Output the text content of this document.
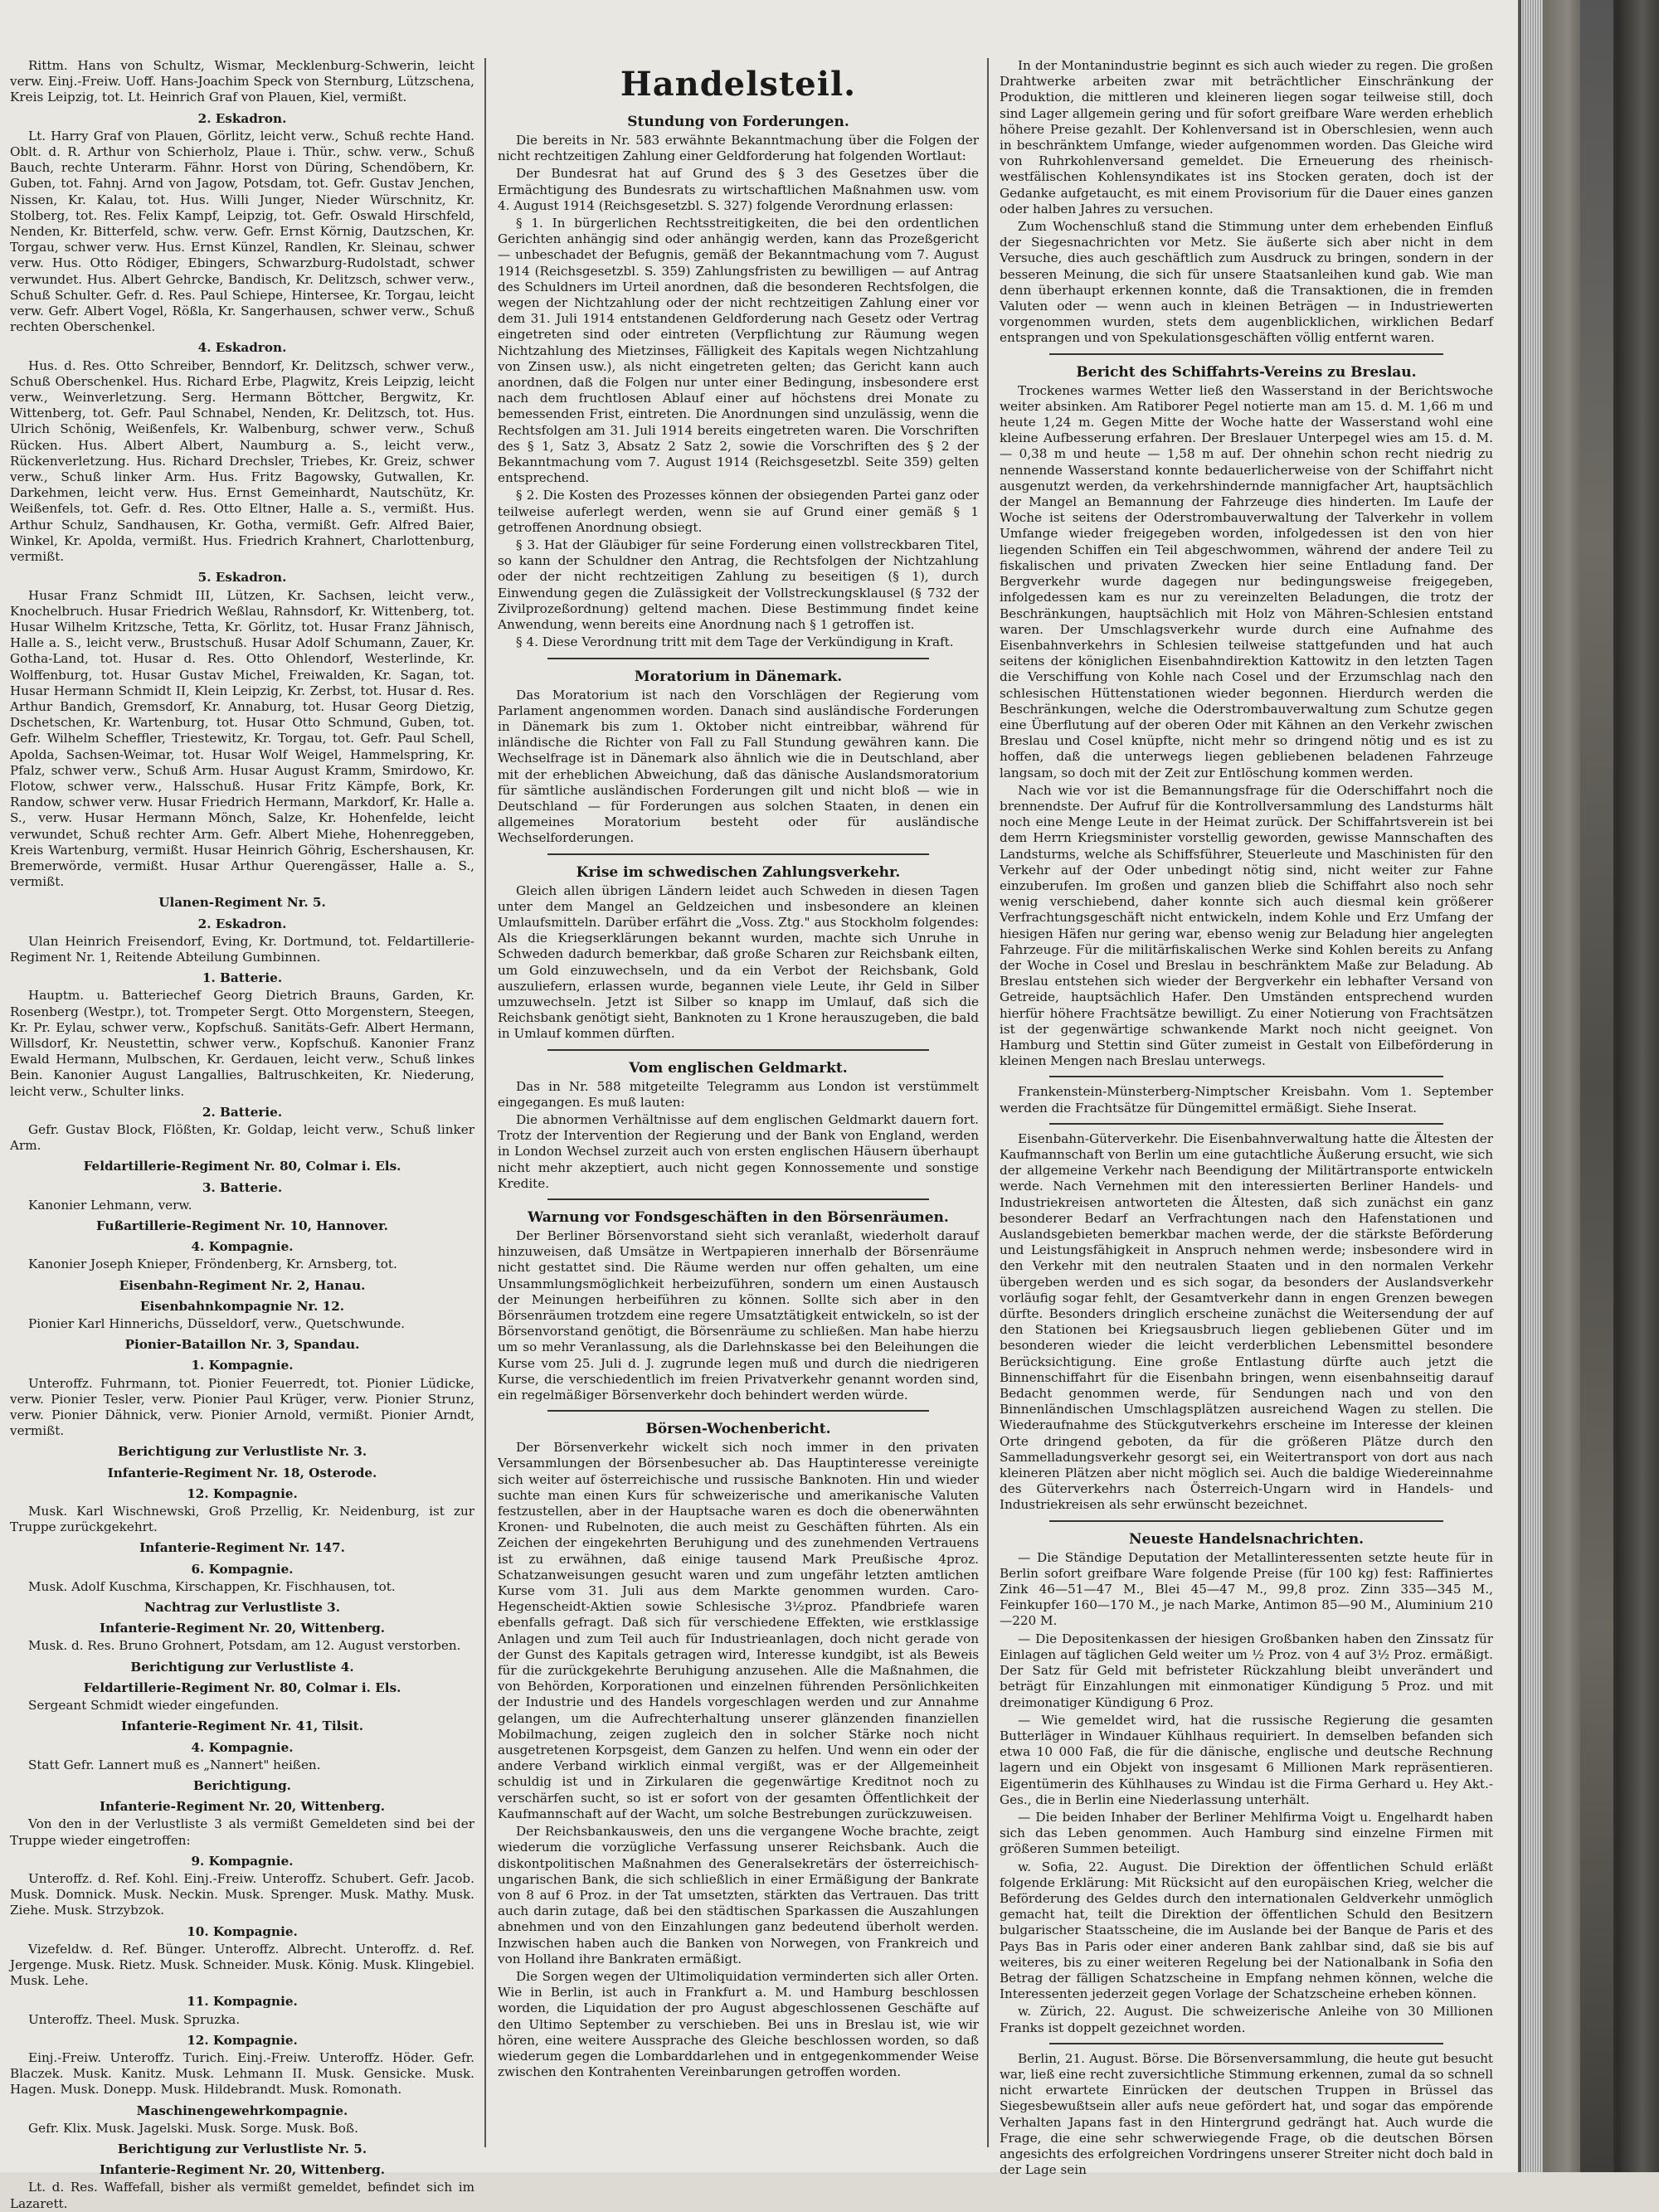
Rittm. Hans von Schultz, Wismar, Mecklenburg-Schwerin, leicht verw. Einj.-Freiw. Uoff. Hans-Joachim Speck von Sternburg, Lützschena, Kreis Leipzig, tot. Lt. Heinrich Graf von Plauen, Kiel, vermißt.

2. Eskadron.

Lt. Harry Graf von Plauen, Görlitz, leicht verw., Schuß rechte Hand. Oblt. d. R. Arthur von Schierholz, Plaue i. Thür., schw. verw., Schuß Bauch, rechte Unterarm. Fähnr. Horst von Düring, Schendöbern, Kr. Guben, tot. Fahnj. Arnd von Jagow, Potsdam, tot. Gefr. Gustav Jenchen, Nissen, Kr. Kalau, tot. Hus. Willi Junger, Nieder Würschnitz, Kr. Stolberg, tot. Res. Felix Kampf, Leipzig, tot. Gefr. Oswald Hirschfeld, Nenden, Kr. Bitterfeld, schw. verw. Gefr. Ernst Körnig, Dautzschen, Kr. Torgau, schwer verw. Hus. Ernst Künzel, Randlen, Kr. Sleinau, schwer verw. Hus. Otto Rödiger, Ebingers, Schwarzburg-Rudolstadt, schwer verwundet. Hus. Albert Gehrcke, Bandisch, Kr. Delitzsch, schwer verw., Schuß Schulter. Gefr. d. Res. Paul Schiepe, Hintersee, Kr. Torgau, leicht verw. Gefr. Albert Vogel, Rößla, Kr. Sangerhausen, schwer verw., Schuß rechten Oberschenkel.

4. Eskadron.

Hus. d. Res. Otto Schreiber, Benndorf, Kr. Delitzsch, schwer verw., Schuß Oberschenkel. Hus. Richard Erbe, Plagwitz, Kreis Leipzig, leicht verw., Weinverletzung. Serg. Hermann Böttcher, Bergwitz, Kr. Wittenberg, tot. Gefr. Paul Schnabel, Nenden, Kr. Delitzsch, tot. Hus. Ulrich Schönig, Weißenfels, Kr. Walbenburg, schwer verw., Schuß Rücken. Hus. Albert Albert, Naumburg a. S., leicht verw., Rückenverletzung. Hus. Richard Drechsler, Triebes, Kr. Greiz, schwer verw., Schuß linker Arm. Hus. Fritz Bagowsky, Gutwallen, Kr. Darkehmen, leicht verw. Hus. Ernst Gemeinhardt, Nautschütz, Kr. Weißenfels, tot. Gefr. d. Res. Otto Eltner, Halle a. S., vermißt. Hus. Arthur Schulz, Sandhausen, Kr. Gotha, vermißt. Gefr. Alfred Baier, Winkel, Kr. Apolda, vermißt. Hus. Friedrich Krahnert, Charlottenburg, vermißt.

5. Eskadron.

Husar Franz Schmidt III, Lützen, Kr. Sachsen, leicht verw., Knochelbruch. Husar Friedrich Weßlau, Rahnsdorf, Kr. Wittenberg, tot. Husar Wilhelm Kritzsche, Tetta, Kr. Görlitz, tot. Husar Franz Jähnisch, Halle a. S., leicht verw., Brustschuß. Husar Adolf Schumann, Zauer, Kr. Gotha-Land, tot. Husar d. Res. Otto Ohlendorf, Westerlinde, Kr. Wolffenburg, tot. Husar Gustav Michel, Freiwalden, Kr. Sagan, tot. Husar Hermann Schmidt II, Klein Leipzig, Kr. Zerbst, tot. Husar d. Res. Arthur Bandich, Gremsdorf, Kr. Annaburg, tot. Husar Georg Dietzig, Dschetschen, Kr. Wartenburg, tot. Husar Otto Schmund, Guben, tot. Gefr. Wilhelm Scheffler, Triestewitz, Kr. Torgau, tot. Gefr. Paul Schell, Apolda, Sachsen-Weimar, tot. Husar Wolf Weigel, Hammelspring, Kr. Pfalz, schwer verw., Schuß Arm. Husar August Kramm, Smirdowo, Kr. Flotow, schwer verw., Halsschuß. Husar Fritz Kämpfe, Bork, Kr. Randow, schwer verw. Husar Friedrich Hermann, Markdorf, Kr. Halle a. S., verw. Husar Hermann Mönch, Salze, Kr. Hohenfelde, leicht verwundet, Schuß rechter Arm. Gefr. Albert Miehe, Hohenreggeben, Kreis Wartenburg, vermißt. Husar Heinrich Göhrig, Eschershausen, Kr. Bremerwörde, vermißt. Husar Arthur Querengässer, Halle a. S., vermißt.

Ulanen-Regiment Nr. 5.

2. Eskadron.

Ulan Heinrich Freisendorf, Eving, Kr. Dortmund, tot. Feldartillerie-Regiment Nr. 1, Reitende Abteilung Gumbinnen.

1. Batterie.

Hauptm. u. Batteriechef Georg Dietrich Brauns, Garden, Kr. Rosenberg (Westpr.), tot. Trompeter Sergt. Otto Morgenstern, Steegen, Kr. Pr. Eylau, schwer verw., Kopfschuß. Sanitäts-Gefr. Albert Hermann, Willsdorf, Kr. Neustettin, schwer verw., Kopfschuß. Kanonier Franz Ewald Hermann, Mulbschen, Kr. Gerdauen, leicht verw., Schuß linkes Bein. Kanonier August Langallies, Baltruschkeiten, Kr. Niederung, leicht verw., Schulter links.

2. Batterie.

Gefr. Gustav Block, Flößten, Kr. Goldap, leicht verw., Schuß linker Arm.

Feldartillerie-Regiment Nr. 80, Colmar i. Els.

3. Batterie.

Kanonier Lehmann, verw.

Fußartillerie-Regiment Nr. 10, Hannover.

4. Kompagnie.

Kanonier Joseph Knieper, Fröndenberg, Kr. Arnsberg, tot.

Eisenbahn-Regiment Nr. 2, Hanau.

Eisenbahnkompagnie Nr. 12.

Pionier Karl Hinnerichs, Düsseldorf, verw., Quetschwunde.

Pionier-Bataillon Nr. 3, Spandau.

1. Kompagnie.

Unteroffz. Fuhrmann, tot. Pionier Feuerredt, tot. Pionier Lüdicke, verw. Pionier Tesler, verw. Pionier Paul Krüger, verw. Pionier Strunz, verw. Pionier Dähnick, verw. Pionier Arnold, vermißt. Pionier Arndt, vermißt.

Berichtigung zur Verlustliste Nr. 3.

Infanterie-Regiment Nr. 18, Osterode.

12. Kompagnie.

Musk. Karl Wischnewski, Groß Przellig, Kr. Neidenburg, ist zur Truppe zurückgekehrt.

Infanterie-Regiment Nr. 147.

6. Kompagnie.

Musk. Adolf Kuschma, Kirschappen, Kr. Fischhausen, tot.

Nachtrag zur Verlustliste 3.

Infanterie-Regiment Nr. 20, Wittenberg.

Musk. d. Res. Bruno Grohnert, Potsdam, am 12. August verstorben.

Berichtigung zur Verlustliste 4.

Feldartillerie-Regiment Nr. 80, Colmar i. Els.

Sergeant Schmidt wieder eingefunden.

Infanterie-Regiment Nr. 41, Tilsit.

4. Kompagnie.

Statt Gefr. Lannert muß es „Nannert" heißen.

Berichtigung.

Infanterie-Regiment Nr. 20, Wittenberg.

Von den in der Verlustliste 3 als vermißt Gemeldeten sind bei der Truppe wieder eingetroffen:

9. Kompagnie.

Unteroffz. d. Ref. Kohl. Einj.-Freiw. Unteroffz. Schubert. Gefr. Jacob. Musk. Domnick. Musk. Neckin. Musk. Sprenger. Musk. Mathy. Musk. Ziehe. Musk. Strzybzok.

10. Kompagnie.

Vizefeldw. d. Ref. Bünger. Unteroffz. Albrecht. Unteroffz. d. Ref. Jergenge. Musk. Rietz. Musk. Schneider. Musk. König. Musk. Klingebiel. Musk. Lehe.

11. Kompagnie.

Unteroffz. Theel. Musk. Spruzka.

12. Kompagnie.

Einj.-Freiw. Unteroffz. Turich. Einj.-Freiw. Unteroffz. Höder. Gefr. Blaczek. Musk. Kanitz. Musk. Lehmann II. Musk. Gensicke. Musk. Hagen. Musk. Donepp. Musk. Hildebrandt. Musk. Romonath.

Maschinengewehrkompagnie.

Gefr. Klix. Musk. Jagelski. Musk. Sorge. Musk. Boß.

Berichtigung zur Verlustliste Nr. 5.

Infanterie-Regiment Nr. 20, Wittenberg.

Lt. d. Res. Waffefall, bisher als vermißt gemeldet, befindet sich im Lazarett.

Handelsteil.
Stundung von Forderungen.

Die bereits in Nr. 583 erwähnte Bekanntmachung über die Folgen der nicht rechtzeitigen Zahlung einer Geldforderung hat folgenden Wortlaut:

Der Bundesrat hat auf Grund des § 3 des Gesetzes über die Ermächtigung des Bundesrats zu wirtschaftlichen Maßnahmen usw. vom 4. August 1914 (Reichsgesetzbl. S. 327) folgende Verordnung erlassen:

§ 1. In bürgerlichen Rechtsstreitigkeiten, die bei den ordentlichen Gerichten anhängig sind oder anhängig werden, kann das Prozeßgericht — unbeschadet der Befugnis, gemäß der Bekanntmachung vom 7. August 1914 (Reichsgesetzbl. S. 359) Zahlungsfristen zu bewilligen — auf Antrag des Schuldners im Urteil anordnen, daß die besonderen Rechtsfolgen, die wegen der Nichtzahlung oder der nicht rechtzeitigen Zahlung einer vor dem 31. Juli 1914 entstandenen Geldforderung nach Gesetz oder Vertrag eingetreten sind oder eintreten (Verpflichtung zur Räumung wegen Nichtzahlung des Mietzinses, Fälligkeit des Kapitals wegen Nichtzahlung von Zinsen usw.), als nicht eingetreten gelten; das Gericht kann auch anordnen, daß die Folgen nur unter einer Bedingung, insbesondere erst nach dem fruchtlosen Ablauf einer auf höchstens drei Monate zu bemessenden Frist, eintreten. Die Anordnungen sind unzulässig, wenn die Rechtsfolgen am 31. Juli 1914 bereits eingetreten waren. Die Vorschriften des § 1, Satz 3, Absatz 2 Satz 2, sowie die Vorschriften des § 2 der Bekanntmachung vom 7. August 1914 (Reichsgesetzbl. Seite 359) gelten entsprechend.

§ 2. Die Kosten des Prozesses können der obsiegenden Partei ganz oder teilweise auferlegt werden, wenn sie auf Grund einer gemäß § 1 getroffenen Anordnung obsiegt.

§ 3. Hat der Gläubiger für seine Forderung einen vollstreckbaren Titel, so kann der Schuldner den Antrag, die Rechtsfolgen der Nichtzahlung oder der nicht rechtzeitigen Zahlung zu beseitigen (§ 1), durch Einwendung gegen die Zulässigkeit der Vollstreckungsklausel (§ 732 der Zivilprozeßordnung) geltend machen. Diese Bestimmung findet keine Anwendung, wenn bereits eine Anordnung nach § 1 getroffen ist.

§ 4. Diese Verordnung tritt mit dem Tage der Verkündigung in Kraft.

Moratorium in Dänemark.

Das Moratorium ist nach den Vorschlägen der Regierung vom Parlament angenommen worden. Danach sind ausländische Forderungen in Dänemark bis zum 1. Oktober nicht eintreibbar, während für inländische die Richter von Fall zu Fall Stundung gewähren kann. Die Wechselfrage ist in Dänemark also ähnlich wie die in Deutschland, aber mit der erheblichen Abweichung, daß das dänische Auslandsmoratorium für sämtliche ausländischen Forderungen gilt und nicht bloß — wie in Deutschland — für Forderungen aus solchen Staaten, in denen ein allgemeines Moratorium besteht oder für ausländische Wechselforderungen.

Krise im schwedischen Zahlungsverkehr.

Gleich allen übrigen Ländern leidet auch Schweden in diesen Tagen unter dem Mangel an Geldzeichen und insbesondere an kleinen Umlaufsmitteln. Darüber erfährt die „Voss. Ztg." aus Stockholm folgendes: Als die Kriegserklärungen bekannt wurden, machte sich Unruhe in Schweden dadurch bemerkbar, daß große Scharen zur Reichsbank eilten, um Gold einzuwechseln, und da ein Verbot der Reichsbank, Gold auszuliefern, erlassen wurde, begannen viele Leute, ihr Geld in Silber umzuwechseln. Jetzt ist Silber so knapp im Umlauf, daß sich die Reichsbank genötigt sieht, Banknoten zu 1 Krone herauszugeben, die bald in Umlauf kommen dürften.

Vom englischen Geldmarkt.

Das in Nr. 588 mitgeteilte Telegramm aus London ist verstümmelt eingegangen. Es muß lauten:

Die abnormen Verhältnisse auf dem englischen Geldmarkt dauern fort. Trotz der Intervention der Regierung und der Bank von England, werden in London Wechsel zurzeit auch von ersten englischen Häusern überhaupt nicht mehr akzeptiert, auch nicht gegen Konnossemente und sonstige Kredite.

Warnung vor Fondsgeschäften in den Börsenräumen.

Der Berliner Börsenvorstand sieht sich veranlaßt, wiederholt darauf hinzuweisen, daß Umsätze in Wertpapieren innerhalb der Börsenräume nicht gestattet sind. Die Räume werden nur offen gehalten, um eine Unsammlungsmöglichkeit herbeizuführen, sondern um einen Austausch der Meinungen herbeiführen zu können. Sollte sich aber in den Börsenräumen trotzdem eine regere Umsatztätigkeit entwickeln, so ist der Börsenvorstand genötigt, die Börsenräume zu schließen. Man habe hierzu um so mehr Veranlassung, als die Darlehnskasse bei den Beleihungen die Kurse vom 25. Juli d. J. zugrunde legen muß und durch die niedrigeren Kurse, die verschiedentlich im freien Privatverkehr genannt worden sind, ein regelmäßiger Börsenverkehr doch behindert werden würde.

Börsen-Wochenbericht.

Der Börsenverkehr wickelt sich noch immer in den privaten Versammlungen der Börsenbesucher ab. Das Hauptinteresse vereinigte sich weiter auf österreichische und russische Banknoten. Hin und wieder suchte man einen Kurs für schweizerische und amerikanische Valuten festzustellen, aber in der Hauptsache waren es doch die obenerwähnten Kronen- und Rubelnoten, die auch meist zu Geschäften führten. Als ein Zeichen der eingekehrten Beruhigung und des zunehmenden Vertrauens ist zu erwähnen, daß einige tausend Mark Preußische 4proz. Schatzanweisungen gesucht waren und zum ungefähr letzten amtlichen Kurse vom 31. Juli aus dem Markte genommen wurden. Caro-Hegenscheidt-Aktien sowie Schlesische 3½proz. Pfandbriefe waren ebenfalls gefragt. Daß sich für verschiedene Effekten, wie erstklassige Anlagen und zum Teil auch für Industrieanlagen, doch nicht gerade von der Gunst des Kapitals getragen wird, Interesse kundgibt, ist als Beweis für die zurückgekehrte Beruhigung anzusehen. Alle die Maßnahmen, die von Behörden, Korporationen und einzelnen führenden Persönlichkeiten der Industrie und des Handels vorgeschlagen werden und zur Annahme gelangen, um die Aufrechterhaltung unserer glänzenden finanziellen Mobilmachung, zeigen zugleich den in solcher Stärke noch nicht ausgetretenen Korpsgeist, dem Ganzen zu helfen. Und wenn ein oder der andere Verband wirklich einmal vergißt, was er der Allgemeinheit schuldig ist und in Zirkularen die gegenwärtige Kreditnot noch zu verschärfen sucht, so ist er sofort von der gesamten Öffentlichkeit der Kaufmannschaft auf der Wacht, um solche Bestrebungen zurückzuweisen.

Der Reichsbankausweis, den uns die vergangene Woche brachte, zeigt wiederum die vorzügliche Verfassung unserer Reichsbank. Auch die diskontpolitischen Maßnahmen des Generalsekretärs der österreichisch-ungarischen Bank, die sich schließlich in einer Ermäßigung der Bankrate von 8 auf 6 Proz. in der Tat umsetzten, stärkten das Vertrauen. Das tritt auch darin zutage, daß bei den städtischen Sparkassen die Auszahlungen abnehmen und von den Einzahlungen ganz bedeutend überholt werden. Inzwischen haben auch die Banken von Norwegen, von Frankreich und von Holland ihre Bankraten ermäßigt.

Die Sorgen wegen der Ultimoliquidation verminderten sich aller Orten. Wie in Berlin, ist auch in Frankfurt a. M. und Hamburg beschlossen worden, die Liquidation der pro August abgeschlossenen Geschäfte auf den Ultimo September zu verschieben. Bei uns in Breslau ist, wie wir hören, eine weitere Aussprache des Gleiche beschlossen worden, so daß wiederum gegen die Lombarddarlehen und in entgegenkommender Weise zwischen den Kontrahenten Vereinbarungen getroffen worden.

In der Montanindustrie beginnt es sich auch wieder zu regen. Die großen Drahtwerke arbeiten zwar mit beträchtlicher Einschränkung der Produktion, die mittleren und kleineren liegen sogar teilweise still, doch sind Lager allgemein gering und für sofort greifbare Ware werden erheblich höhere Preise gezahlt. Der Kohlenversand ist in Oberschlesien, wenn auch in beschränktem Umfange, wieder aufgenommen worden. Das Gleiche wird von Ruhrkohlenversand gemeldet. Die Erneuerung des rheinisch-westfälischen Kohlensyndikates ist ins Stocken geraten, doch ist der Gedanke aufgetaucht, es mit einem Provisorium für die Dauer eines ganzen oder halben Jahres zu versuchen.

Zum Wochenschluß stand die Stimmung unter dem erhebenden Einfluß der Siegesnachrichten vor Metz. Sie äußerte sich aber nicht in dem Versuche, dies auch geschäftlich zum Ausdruck zu bringen, sondern in der besseren Meinung, die sich für unsere Staatsanleihen kund gab. Wie man denn überhaupt erkennen konnte, daß die Transaktionen, die in fremden Valuten oder — wenn auch in kleinen Beträgen — in Industriewerten vorgenommen wurden, stets dem augenblicklichen, wirklichen Bedarf entsprangen und von Spekulationsgeschäften völlig entfernt waren.

Bericht des Schiffahrts-Vereins zu Breslau.

Trockenes warmes Wetter ließ den Wasserstand in der Berichtswoche weiter absinken. Am Ratiborer Pegel notierte man am 15. d. M. 1,66 m und heute 1,24 m. Gegen Mitte der Woche hatte der Wasserstand wohl eine kleine Aufbesserung erfahren. Der Breslauer Unterpegel wies am 15. d. M. — 0,38 m und heute — 1,58 m auf. Der ohnehin schon recht niedrig zu nennende Wasserstand konnte bedauerlicherweise von der Schiffahrt nicht ausgenutzt werden, da verkehrshindernde mannigfacher Art, hauptsächlich der Mangel an Bemannung der Fahrzeuge dies hinderten. Im Laufe der Woche ist seitens der Oderstrombauverwaltung der Talverkehr in vollem Umfange wieder freigegeben worden, infolgedessen ist den von hier liegenden Schiffen ein Teil abgeschwommen, während der andere Teil zu fiskalischen und privaten Zwecken hier seine Entladung fand. Der Bergverkehr wurde dagegen nur bedingungsweise freigegeben, infolgedessen kam es nur zu vereinzelten Beladungen, die trotz der Beschränkungen, hauptsächlich mit Holz von Mähren-Schlesien entstand waren. Der Umschlagsverkehr wurde durch eine Aufnahme des Eisenbahnverkehrs in Schlesien teilweise stattgefunden und hat auch seitens der königlichen Eisenbahndirektion Kattowitz in den letzten Tagen die Verschiffung von Kohle nach Cosel und der Erzumschlag nach den schlesischen Hüttenstationen wieder begonnen. Hierdurch werden die Beschränkungen, welche die Oderstrombauverwaltung zum Schutze gegen eine Überflutung auf der oberen Oder mit Kähnen an den Verkehr zwischen Breslau und Cosel knüpfte, nicht mehr so dringend nötig und es ist zu hoffen, daß die unterwegs liegen gebliebenen beladenen Fahrzeuge langsam, so doch mit der Zeit zur Entlöschung kommen werden.

Nach wie vor ist die Bemannungsfrage für die Oderschiffahrt noch die brennendste. Der Aufruf für die Kontrollversammlung des Landsturms hält noch eine Menge Leute in der Heimat zurück. Der Schiffahrtsverein ist bei dem Herrn Kriegsminister vorstellig geworden, gewisse Mannschaften des Landsturms, welche als Schiffsführer, Steuerleute und Maschinisten für den Verkehr auf der Oder unbedingt nötig sind, nicht weiter zur Fahne einzuberufen. Im großen und ganzen blieb die Schiffahrt also noch sehr wenig verschiebend, daher konnte sich auch diesmal kein größerer Verfrachtungsgeschäft nicht entwickeln, indem Kohle und Erz Umfang der hiesigen Häfen nur gering war, ebenso wenig zur Beladung hier angelegten Fahrzeuge. Für die militärfiskalischen Werke sind Kohlen bereits zu Anfang der Woche in Cosel und Breslau in beschränktem Maße zur Beladung. Ab Breslau entstehen sich wieder der Bergverkehr ein lebhafter Versand von Getreide, hauptsächlich Hafer. Den Umständen entsprechend wurden hierfür höhere Frachtsätze bewilligt. Zu einer Notierung von Frachtsätzen ist der gegenwärtige schwankende Markt noch nicht geeignet. Von Hamburg und Stettin sind Güter zumeist in Gestalt von Eilbeförderung in kleinen Mengen nach Breslau unterwegs.

Frankenstein-Münsterberg-Nimptscher Kreisbahn. Vom 1. September werden die Frachtsätze für Düngemittel ermäßigt. Siehe Inserat.

Eisenbahn-Güterverkehr. Die Eisenbahnverwaltung hatte die Ältesten der Kaufmannschaft von Berlin um eine gutachtliche Äußerung ersucht, wie sich der allgemeine Verkehr nach Beendigung der Militärtransporte entwickeln werde. Nach Vernehmen mit den interessierten Berliner Handels- und Industriekreisen antworteten die Ältesten, daß sich zunächst ein ganz besonderer Bedarf an Verfrachtungen nach den Hafenstationen und Auslandsgebieten bemerkbar machen werde, der die stärkste Beförderung und Leistungsfähigkeit in Anspruch nehmen werde; insbesondere wird in den Verkehr mit den neutralen Staaten und in den normalen Verkehr übergeben werden und es sich sogar, da besonders der Auslandsverkehr vorläufig sogar fehlt, der Gesamtverkehr dann in engen Grenzen bewegen dürfte. Besonders dringlich erscheine zunächst die Weitersendung der auf den Stationen bei Kriegsausbruch liegen gebliebenen Güter und im besonderen wieder die leicht verderblichen Lebensmittel besondere Berücksichtigung. Eine große Entlastung dürfte auch jetzt die Binnenschiffahrt für die Eisenbahn bringen, wenn eisenbahnseitig darauf Bedacht genommen werde, für Sendungen nach und von den Binnenländischen Umschlagsplätzen ausreichend Wagen zu stellen. Die Wiederaufnahme des Stückgutverkehrs erscheine im Interesse der kleinen Orte dringend geboten, da für die größeren Plätze durch den Sammelladungsverkehr gesorgt sei, ein Weitertransport von dort aus nach kleineren Plätzen aber nicht möglich sei. Auch die baldige Wiedereinnahme des Güterverkehrs nach Österreich-Ungarn wird in Handels- und Industriekreisen als sehr erwünscht bezeichnet.

Neueste Handelsnachrichten.

— Die Ständige Deputation der Metallinteressenten setzte heute für in Berlin sofort greifbare Ware folgende Preise (für 100 kg) fest: Raffiniertes Zink 46—51—47 M., Blei 45—47 M., 99,8 proz. Zinn 335—345 M., Feinkupfer 160—170 M., je nach Marke, Antimon 85—90 M., Aluminium 210—220 M.

— Die Depositenkassen der hiesigen Großbanken haben den Zinssatz für Einlagen auf täglichen Geld weiter um ½ Proz. von 4 auf 3½ Proz. ermäßigt. Der Satz für Geld mit befristeter Rückzahlung bleibt unverändert und beträgt für Einzahlungen mit einmonatiger Kündigung 5 Proz. und mit dreimonatiger Kündigung 6 Proz.

— Wie gemeldet wird, hat die russische Regierung die gesamten Butterläger in Windauer Kühlhaus requiriert. In demselben befanden sich etwa 10 000 Faß, die für die dänische, englische und deutsche Rechnung lagern und ein Objekt von insgesamt 6 Millionen Mark repräsentieren. Eigentümerin des Kühlhauses zu Windau ist die Firma Gerhard u. Hey Akt.-Ges., die in Berlin eine Niederlassung unterhält.

— Die beiden Inhaber der Berliner Mehlfirma Voigt u. Engelhardt haben sich das Leben genommen. Auch Hamburg sind einzelne Firmen mit größeren Summen beteiligt.

w. Sofia, 22. August. Die Direktion der öffentlichen Schuld erläßt folgende Erklärung: Mit Rücksicht auf den europäischen Krieg, welcher die Beförderung des Geldes durch den internationalen Geldverkehr unmöglich gemacht hat, teilt die Direktion der öffentlichen Schuld den Besitzern bulgarischer Staatsscheine, die im Auslande bei der Banque de Paris et des Pays Bas in Paris oder einer anderen Bank zahlbar sind, daß sie bis auf weiteres, bis zu einer weiteren Regelung bei der Nationalbank in Sofia den Betrag der fälligen Schatzscheine in Empfang nehmen können, welche die Interessenten jederzeit gegen Vorlage der Schatzscheine erheben können.

w. Zürich, 22. August. Die schweizerische Anleihe von 30 Millionen Franks ist doppelt gezeichnet worden.

Berlin, 21. August. Börse. Die Börsenversammlung, die heute gut besucht war, ließ eine recht zuversichtliche Stimmung erkennen, zumal da so schnell nicht erwartete Einrücken der deutschen Truppen in Brüssel das Siegesbewußtsein aller aufs neue gefördert hat, und sogar das empörende Verhalten Japans fast in den Hintergrund gedrängt hat. Auch wurde die Frage, die eine sehr schwerwiegende Frage, ob die deutschen Börsen angesichts des erfolgreichen Vordringens unserer Streiter nicht doch bald in der Lage sein
